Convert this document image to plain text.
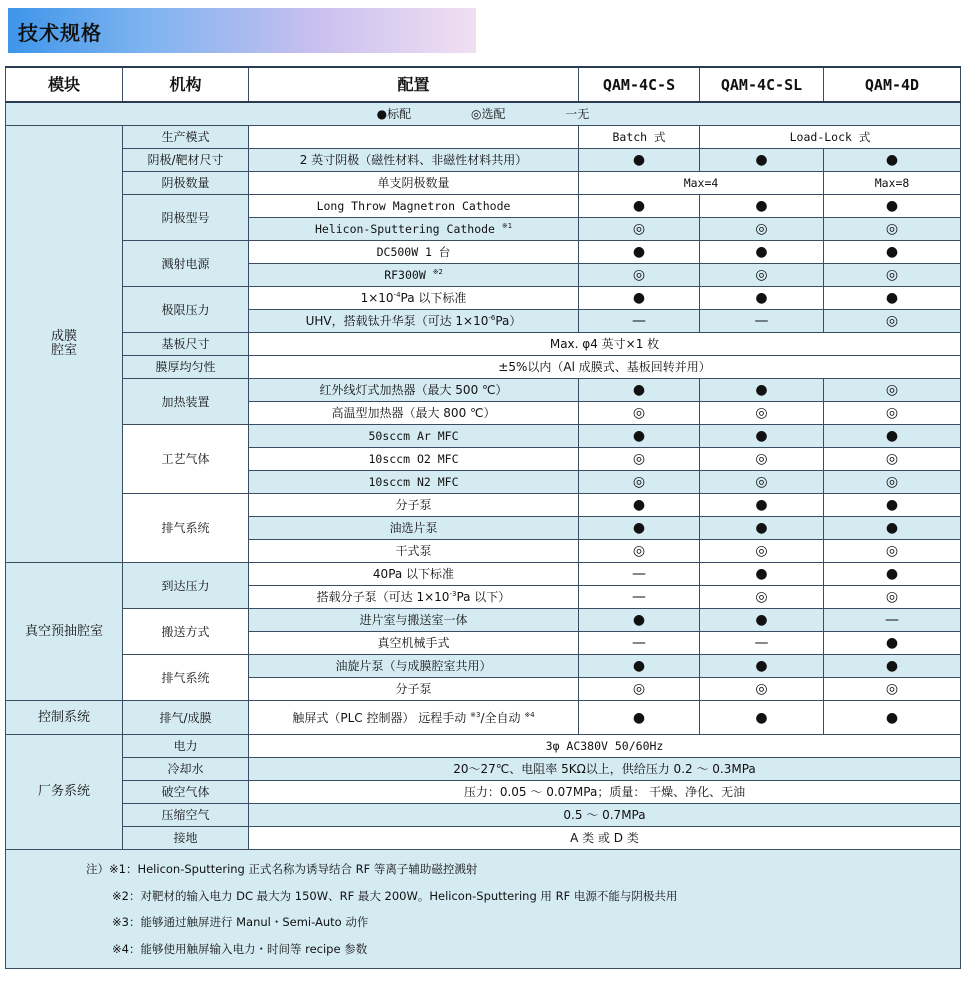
技术规格
模块	机构	配置	QAM-4C-S	QAM-4C-SL	QAM-4D
●标配 ◎选配 一无					

成膜
腔室	生产模式		Batch 式	Load-Lock 式	
	阴极/靶材尺寸	2 英寸阴极（磁性材料、非磁性材料共用）	●	●	●
	阴极数量	单支阴极数量	Max=4		Max=8
	阴极型号	Long Throw Magnetron Cathode	●	●	●
		Helicon-Sputtering Cathode $^{※1}$	◎	◎	◎
	溅射电源	DC500W 1 台	●	●	●
		RF300W $^{※2}$	◎	◎	◎
	极限压力	$1\times 10^{-4}Pa$ 以下标准	●	●	●
		UHV，搭载钛升华泵（可达 $1\times 10^{-6}Pa$）	—	—	◎
	基板尺寸	Max. φ4 英寸×1 枚			
	膜厚均匀性	±5%以内（Al 成膜式、基板回转并用）			
	加热装置	红外线灯式加热器（最大 500 ℃）	●	●	◎
		高温型加热器（最大 800 ℃）	◎	◎	◎
	工艺气体	50sccm Ar MFC	●	●	●
		10sccm O2 MFC	◎	◎	◎
		10sccm N2 MFC	◎	◎	◎
	排气系统	分子泵	●	●	●
		油选片泵	●	●	●
		干式泵	◎	◎	◎
真空预抽腔室	到达压力	40Pa 以下标准	—	●	●
		搭载分子泵（可达 $1\times 10^{-3}Pa$ 以下）	—	◎	◎
	搬送方式	进片室与搬送室一体	●	●	—
		真空机械手式	—	—	●
	排气系统	油旋片泵（与成膜腔室共用）	●	●	●
		分子泵	◎	◎	◎
控制系统	排气/成膜	触屏式（PLC 控制器） 远程手动 $^{※3}$/全自动 $^{※4}$	●	●	●
厂务系统	电力	3φ AC380V 50/60Hz			
	冷却水	20～27℃、电阻率 5KΩ以上，供给压力 0.2 ～ 0.3MPa			
	破空气体	压力：0.05 ～ 0.07MPa；质量： 干燥、净化、无油			
	压缩空气	0.5 ～ 0.7MPa			
	接地	A 类 或 D 类			

注）※1：Helicon-Sputtering 正式名称为诱导结合 RF 等离子辅助磁控溅射
※2：对靶材的输入电力 DC 最大为 150W、RF 最大 200W。Helicon-Sputtering 用 RF 电源不能与阴极共用
※3：能够通过触屏进行 Manul・Semi-Auto 动作
※4：能够使用触屏输入电力・时间等 recipe 参数					
